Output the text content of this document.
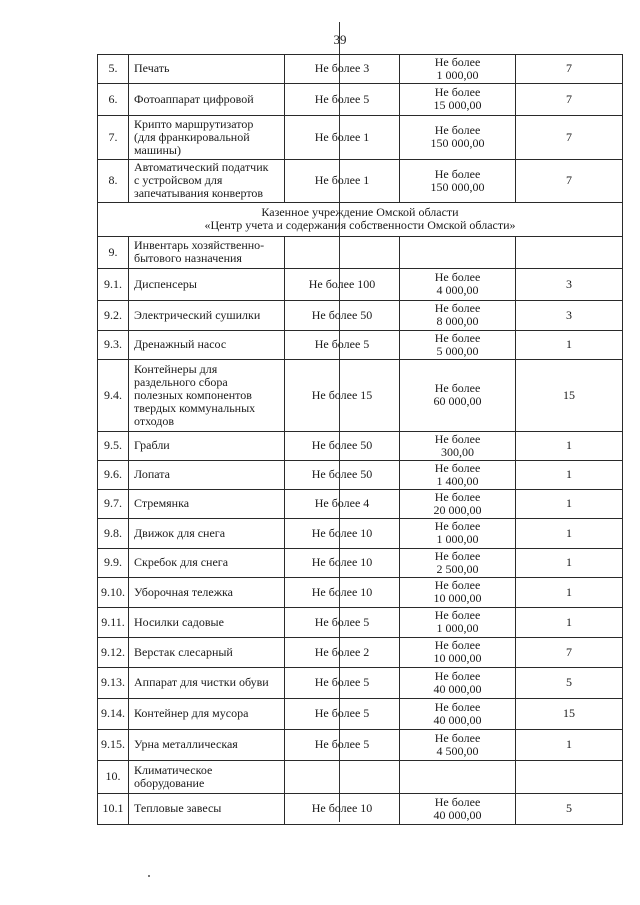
39
5.	Печать	Не более 3	Не более
1 000,00	7
6.	Фотоаппарат цифровой	Не более 5	Не более
15 000,00	7
7.	Крипто маршрутизатор
(для франкировальной
машины)	Не более 1	Не более
150 000,00	7
8.	Автоматический податчик
с устройсвом для
запечатывания конвертов	Не более 1	Не более
150 000,00	7

Казенное учреждение Омской области
«Центр учета и содержания собственности Омской области»				

9.	Инвентарь хозяйственно-
бытового назначения			

9.1.	Диспенсеры	Не более 100	Не более
4 000,00	3
9.2.	Электрический сушилки	Не более 50	Не более
8 000,00	3
9.3.	Дренажный насос	Не более 5	Не более
5 000,00	1
9.4.	Контейнеры для
раздельного сбора
полезных компонентов
твердых коммунальных
отходов	Не более 15	Не более
60 000,00	15
9.5.	Грабли	Не более 50	Не более
300,00	1
9.6.	Лопата	Не более 50	Не более
1 400,00	1
9.7.	Стремянка	Не более 4	Не более
20 000,00	1
9.8.	Движок для снега	Не более 10	Не более
1 000,00	1
9.9.	Скребок для снега	Не более 10	Не более
2 500,00	1
9.10.	Уборочная тележка	Не более 10	Не более
10 000,00	1
9.11.	Носилки садовые	Не более 5	Не более
1 000,00	1
9.12.	Верстак слесарный	Не более 2	Не более
10 000,00	7
9.13.	Аппарат для чистки обуви	Не более 5	Не более
40 000,00	5
9.14.	Контейнер для мусора	Не более 5	Не более
40 000,00	15
9.15.	Урна металлическая	Не более 5	Не более
4 500,00	1
10.	Климатическое
оборудование			

10.1	Тепловые завесы	Не более 10	Не более
40 000,00	5
